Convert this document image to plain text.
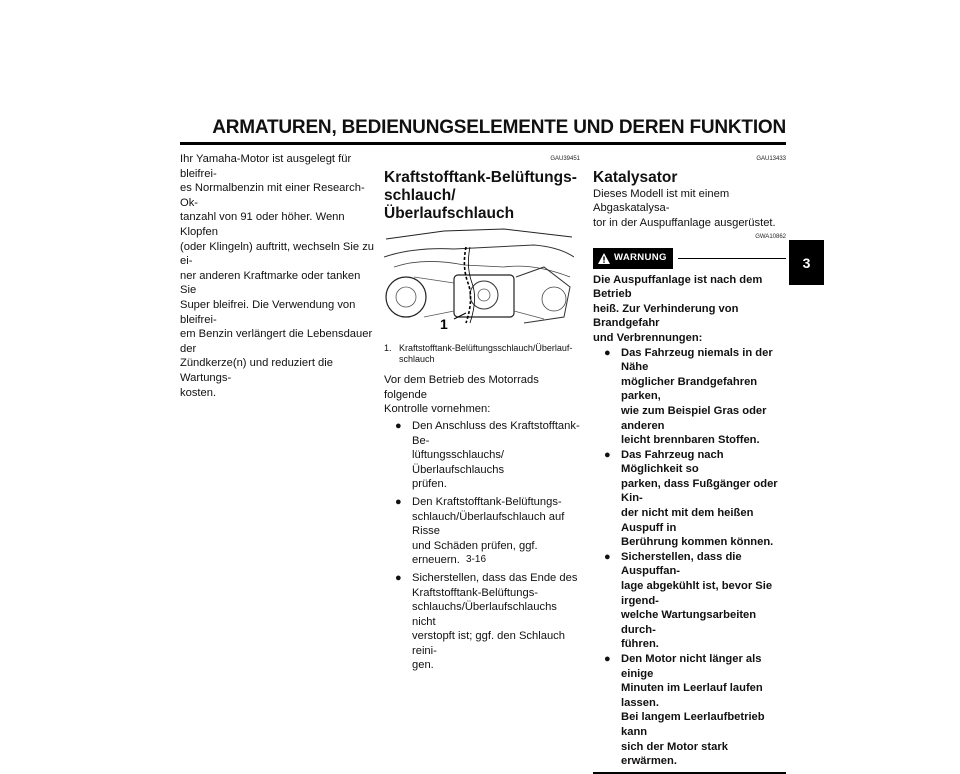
ARMATUREN, BEDIENUNGSELEMENTE UND DEREN FUNKTION
3

Ihr Yamaha-Motor ist ausgelegt für bleifrei-
es Normalbenzin mit einer Research-Ok-
tanzahl von 91 oder höher. Wenn Klopfen
(oder Klingeln) auftritt, wechseln Sie zu ei-
ner anderen Kraftmarke oder tanken Sie
Super bleifrei. Die Verwendung von bleifrei-
em Benzin verlängert die Lebensdauer der
Zündkerze(n) und reduziert die Wartungs-
kosten.

GAU39451
Kraftstofftank-Belüftungs-
schlauch/Überlaufschlauch
1
1. Kraftstofftank-Belüftungsschlauch/Überlauf-
schlauch

Vor dem Betrieb des Motorrads folgende
Kontrolle vornehmen:

● Den Anschluss des Kraftstofftank-Be-
lüftungsschlauchs/Überlaufschlauchs
prüfen.
● Den Kraftstofftank-Belüftungs-
schlauch/Überlaufschlauch auf Risse
und Schäden prüfen, ggf. erneuern.
● Sicherstellen, dass das Ende des
Kraftstofftank-Belüftungs-
schlauchs/Überlaufschlauchs nicht
verstopft ist; ggf. den Schlauch reini-
gen.
GAU13433
Katalysator

Dieses Modell ist mit einem Abgaskatalysa-
tor in der Auspuffanlage ausgerüstet.

GWA10862
WARNUNG

Die Auspuffanlage ist nach dem Betrieb
heiß. Zur Verhinderung von Brandgefahr
und Verbrennungen:

● Das Fahrzeug niemals in der Nähe
möglicher Brandgefahren parken,
wie zum Beispiel Gras oder anderen
leicht brennbaren Stoffen.
● Das Fahrzeug nach Möglichkeit so
parken, dass Fußgänger oder Kin-
der nicht mit dem heißen Auspuff in
Berührung kommen können.
● Sicherstellen, dass die Auspuffan-
lage abgekühlt ist, bevor Sie irgend-
welche Wartungsarbeiten durch-
führen.
● Den Motor nicht länger als einige
Minuten im Leerlauf laufen lassen.
Bei langem Leerlaufbetrieb kann
sich der Motor stark erwärmen.
3-16
